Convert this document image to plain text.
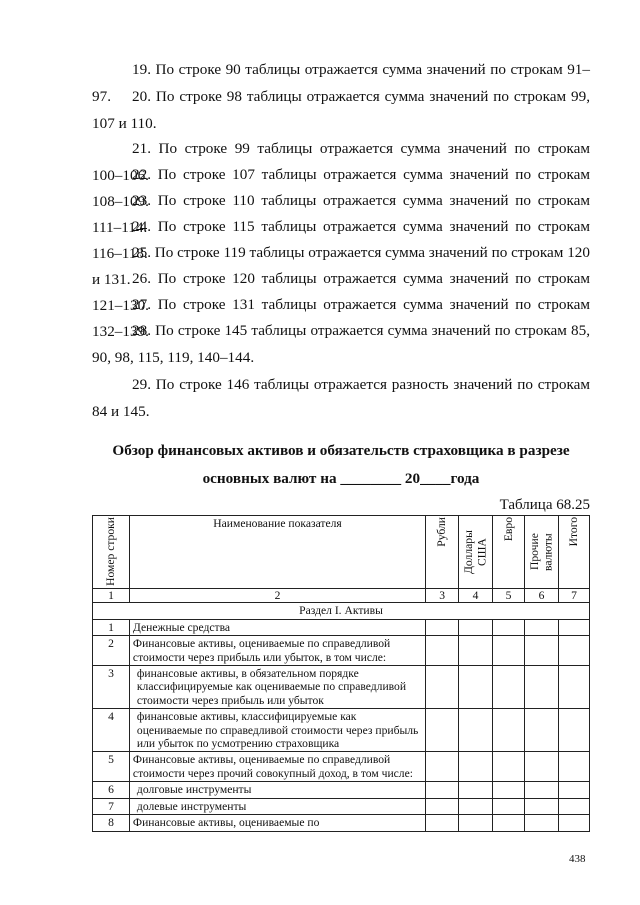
19. По строке 90 таблицы отражается сумма значений по строкам 91–97.	20. По строке 98 таблицы отражается сумма значений по строкам 99, 107 и 110.

21. По строке 99 таблицы отражается сумма значений по строкам 100–106.

22. По строке 107 таблицы отражается сумма значений по строкам 108–109.

23. По строке 110 таблицы отражается сумма значений по строкам 111–114.

24. По строке 115 таблицы отражается сумма значений по строкам 116–118.

25. По строке 119 таблицы отражается сумма значений по строкам 120 и 131. 26. По строке 120 таблицы отражается сумма значений по строкам 121–130.

27. По строке 131 таблицы отражается сумма значений по строкам 132–139.

28. По строке 145 таблицы отражается сумма значений по строкам 85, 90, 98, 115, 119, 140–144.

29. По строке 146 таблицы отражается разность значений по строкам 84 и 145.

Обзор финансовых активов и обязательств страховщика в разрезе

основных валют на ________ 20____года

Таблица 68.25
Номер строки	Наименование показателя	Рубли	Доллары США	Евро	Прочие валюты	Итого

1	2	3	4	5	6	7
Раздел I. Активы						
1	Денежные средства					
2	Финансовые активы, оцениваемые по справедливой стоимости через прибыль или убыток, в том числе:					
3	финансовые активы, в обязательном порядке классифицируемые как оцениваемые по справедливой стоимости через прибыль или убыток					
4	финансовые активы, классифицируемые как оцениваемые по справедливой стоимости через прибыль или убыток по усмотрению страховщика					
5	Финансовые активы, оцениваемые по справедливой стоимости через прочий совокупный доход, в том числе:					
6	долговые инструменты					
7	долевые инструменты					
8	Финансовые активы, оцениваемые по					
438
